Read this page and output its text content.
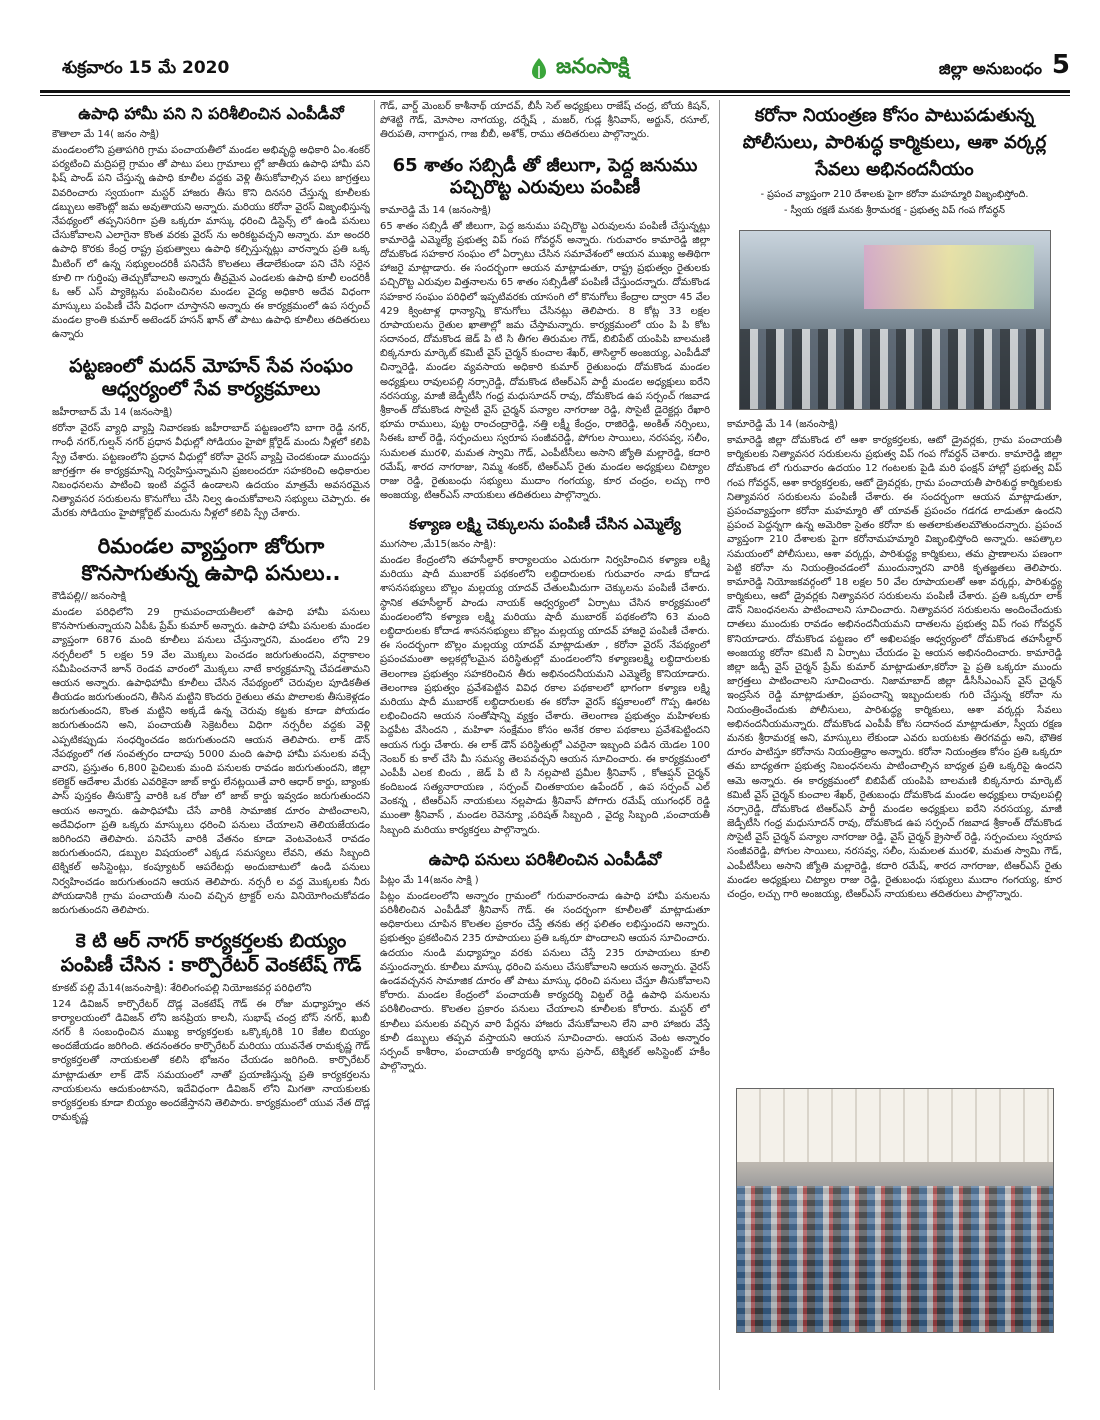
శుక్రవారం 15 మే 2020	జనంసాక్షి	జిల్లా అనుబంధం 5
ఉపాధి హామీ పని ని పరిశీలించిన ఎంపీడీవో
కౌతాలా మే 14( జనం సాక్షి)
మండలంలోని ప్రతాపగిరి గ్రామ పంచాయతీలో మండల అభివృద్ధి అధికారి ఏం.శంకర్ పర్యటించి మద్రిపల్లె గ్రామం తో పాటు పలు గ్రామాలు ల్లో జాతీయ ఉపాధి హామీ పని ఫిష్ పాండ్ పని చేస్తున్న ఉపాధి కూలీల వద్దకు వెళ్లి తీసుకోవాల్సిన పలు జాగ్రత్తలు వివరించారు స్వయంగా మస్టర్ హాజరు తీసు కొని దినసరి చేస్తున్న కూలీలకు డబ్బులు అకౌంట్లో జమ అవుతాయని అన్నారు. మరియు కరోనా వైరస్ విజృంభిస్తున్న నేపథ్యంలో తప్పనిసరిగా ప్రతి ఒక్కరూ మాస్కు ధరించి డిస్టెన్స్ లో ఉండి పనులు చేసుకోవాలని ఎలాగైనా కొంత వరకు వైరస్ ను అరికట్టవచ్చని అన్నారు. మా అందరి ఉపాధి కొరకు కేంద్ర రాష్ట్ర ప్రభుత్వాలు ఉపాధి కల్పిస్తున్నట్లు వారన్నారు ప్రతి ఒక్క మీటింగ్ లో ఉన్న సభ్యులందరికీ పనిచేసే కొలతలు తేడాలేకుండా పని చేసి సరైన కూలి గా గుర్తింపు తెచ్చుకోవాలని అన్నారు తీవ్రమైన ఎండలకు ఉపాధి కూలీ లందరికీ ఓ ఆర్ ఎస్ ప్యాకెట్లను పంపించినల మండల వైద్య అధికారి అదేవ విధంగా మాస్కులు పంపిణీ చేసే విధంగా చూస్తానని అన్నారు ఈ కార్యక్రమంలో ఉప సర్పంచ్ మండల క్రాంతి కుమార్ అటెండర్ హసన్ ఖాన్ తో పాటు ఉపాధి కూలీలు తదితరులు ఉన్నారు
పట్టణంలో మదన్ మోహన్ సేవ సంఘం ఆధ్వర్యంలో సేవ కార్యక్రమాలు
జహీరాబాద్ మే 14 (జనంసాక్షి)
కరోనా వైరస్ వ్యాధి వ్యాప్తి నివారణకు జహీరాబాద్ పట్టణంలోని బాగా రెడ్డి నగర్, గాంధీ నగర్,గుల్షన్ నగర్ ప్రధాన వీధుల్లో సోడియం హైపో క్లోరైడ్ మందు నీళ్లలో కలిపి స్ప్రే చేశారు. పట్టణంలోని ప్రధాన వీధుల్లో కరోనా వైరస్ వ్యాప్తి చెందకుండా ముందస్తు జాగ్రత్తగా ఈ కార్యక్రమాన్ని నిర్వహిస్తున్నామని ప్రజలందరూ సహకరించి అధికారుల నిబంధనలను పాటించి ఇంటి వద్దనే ఉండాలని ఉదయం మాత్రమే అవసరమైన నిత్యావసర సరుకులను కొనుగోలు చేసి నిల్వ ఉంచుకోవాలని సభ్యులు చెప్పారు. ఈ మేరకు సోడియం హైపోక్లోరైట్ మందును నీళ్లలో కలిపి స్ప్రే చేశారు.
రిమండల వ్యాప్తంగా జోరుగా కొనసాగుతున్న ఉపాధి పనులు..
కౌడిపల్లి// జనంసాక్షి
మండల పరిధిలోని 29 గ్రామపంచాయతీలలో ఉపాధి హామీ పనులు కొనసాగుతున్నాయని ఏపీఓ ప్రేమ్ కుమార్ అన్నారు. ఉపాధి హామీ పనులకు మండల వ్యాప్తంగా 6876 మంది కూలీలు పనులు చేస్తున్నారని, మండలం లోని 29 నర్సరీలలో 5 లక్షల 59 వేల మొక్కలు పెంచడం జరుగుతుందని, వర్షాకాలం సమీపించనానే జూన్ రెండవ వారంలో మొక్కలు నాటే కార్యక్రమాన్ని చేపడతామని ఆయన అన్నారు. ఉపాధిహామీ కూలీలు చేసిన నేపథ్యంలో చెరువుల పూడికతీత తీయడం జరుగుతుందని, తీసిన మట్టిని కొందరు రైతులు తమ పొలాలకు తీసుకెళ్లడం జరుగుతుందని, కొంత మట్టిని అక్కడే ఉన్న చెరువు కట్టకు కూడా పోయడం జరుగుతుందని అని, పంచాయతీ సెక్రెటరీలు విధిగా నర్సరీల వద్దకు వెళ్లి ఎప్పటికప్పుడు సంధర్శించడం జరుగుతుందని ఆయన తెలిపారు. లాక్ డౌన్ నేపథ్యంలో గత సంవత్సరం దాదాపు 5000 మంది ఉపాధి హామీ పనులకు వచ్చే వారని, ప్రస్తుతం 6,800 పైచిలుకు మంది పనులకు రావడం జరుగుతుందని, జిల్లా కలెక్టర్ ఆదేశాల మేరకు ఎవరికైనా జాబ్ కార్డు లేనట్లయితే వారి ఆధార్ కార్డు, బ్యాంకు పాస్ పుస్తకం తీసుకొస్తే వారికి ఒక రోజు లో జాబ్ కార్డు ఇవ్వడం జరుగుతుందని ఆయన అన్నారు. ఉపాధిహామీ చేసే వారికి సామాజిక దూరం పాటించాలని, అదేవిధంగా ప్రతి ఒక్కరు మాస్కులు ధరించి పనులు చేయాలని తెలియజేయడం జరిగిందని తెలిపారు. పనిచేసే వారికి వేతనం కూడా వెంటవెంటనే రావడం జరుగుతుందని, డబ్బుల విషయంలో ఎక్కడ సమస్యలు లేవని, తమ సిబ్బంది టెక్నికల్ అసిస్టెంట్లు, కంప్యూటర్ ఆపరేటర్లు అందుబాటులో ఉండి పనులు నిర్వహించడం జరుగుతుందని ఆయన తెలిపారు. నర్సరీ ల వద్ద మొక్కలకు నీరు పోయడానికి గ్రామ పంచాయతీ నుంచి వచ్చిన ట్రాక్టర్ లను వినియోగించుకోవడం జరుగుతుందని తెలిపారు.
కె టి ఆర్ నాగర్ కార్యకర్తలకు బియ్యం పంపిణీ చేసిన : కార్పొరేటర్ వెంకటేష్ గౌడ్
కూకట్ పల్లి మే14(జనంసాక్షి): శేరిలింగంపల్లి నియోజకవర్గ పరిధిలోని
124 డివిజన్ కార్పొరేటర్ దొడ్ల వెంకటేష్ గౌడ్ ఈ రోజు మధ్యాహ్నం తన కార్యాలయంలో డివిజన్ లోని జనప్రియ కాలనీ, సుభాష్ చంద్ర బోస్ నగర్, ఖుబీ నగర్ కి సంబంధించిన ముఖ్య కార్యకర్తలకు ఒక్కొక్కరికి 10 కేజీల బియ్యం అందజేయడం జరిగింది. తదనంతరం కార్పొరేటర్ మరియు యువనేత రామకృష్ణ గౌడ్ కార్యకర్తలతో నాయకులతో కలిసి భోజనం చేయడం జరిగింది. కార్పొరేటర్ మాట్లాడుతూ లాక్ డౌన్ సమయంలో నాతో ప్రయాణిస్తున్న ప్రతి కార్యకర్తలను నాయకులను ఆదుకుంటానని, ఇదేవిధంగా డివిజన్ లోని మిగతా నాయకులకు కార్యకర్తలకు కూడా బియ్యం అందజేస్తానని తెలిపారు. కార్యక్రమంలో యువ నేత దొడ్ల రామకృష్ణ
గౌడ్, వార్డ్ మెంబర్ కాశీనాథ్ యాదవ్, బీసీ సెల్ అధ్యక్షులు రాజేష్ చంద్ర, బోయ కిషన్, పోశెట్టి గౌడ్, మోసాల నాగయ్య, దర్నేష్ , మజర్, గుడ్ల శ్రీనివాస్, అర్జున్, రసూల్, తిరుపతి, నాగార్జున, గాజ బీబీ, అశోక్, రాము తదితరులు పాల్గొన్నారు.
65 శాతం సబ్సిడీ తో జీలుగా, పెద్ద జనుము పచ్చిరొట్ట ఎరువులు పంపిణీ
కామారెడ్డి మే 14 (జనంసాక్షి)
65 శాతం సబ్సిడీ తో జీలుగా, పెద్ద జనుము పచ్చిరొట్ట ఎరువులను పంపిణీ చేస్తున్నట్లు కామారెడ్డి ఎమ్మెల్యే ప్రభుత్వ విప్ గంప గోవర్ధన్ అన్నారు. గురువారం కామారెడ్డి జిల్లా దోమకొండ సహకార సంఘం లో ఏర్పాటు చేసిన సమావేశంలో ఆయన ముఖ్య అతిథిగా హాజరై మాట్లాడారు. ఈ సందర్భంగా ఆయన మాట్లాడుతూ, రాష్ట్ర ప్రభుత్వం రైతులకు పచ్చిరొట్ట ఎరువుల విత్తనాలను 65 శాతం సబ్సిడీతో పంపిణీ చేస్తుందన్నారు. దోమకొండ సహకార సంఘం పరిధిలో ఇప్పటివరకు యాసంగి లో కొనుగోలు కేంద్రాల ద్వారా 45 వేల 429 క్వింటాళ్ల ధాన్యాన్ని కొనుగోలు చేసినట్లు తెలిపారు. 8 కోట్ల 33 లక్షల రూపాయలను రైతుల ఖాతాల్లో జమ చేస్తామన్నారు. కార్యక్రమంలో యం పి పి కోట సదానంద, దోమకొండ జెడ్ పి టి సి తీగల తిరుమల గౌడ్, బిబిపేట్ యంపిపి బాలమణి బిక్కనూరు మార్కెట్ కమిటీ వైస్ చైర్మన్ కుంచాల శేఖర్, తాసిల్దార్ అంజయ్య, ఎంపీడీవో చిన్నారెడ్డి, మండల వ్యవసాయ అధికారి కుమార్ రైతుబంధు దోమకొండ మండల అధ్యక్షులు రావులపల్లి నర్సారెడ్డి, దోమకొండ టిఆర్ఎస్ పార్టీ మండల అధ్యక్షులు ఐరేని నరసయ్య, మాజీ జెడ్పీటీసి గంధ్ర మధుసూదన్ రావు, దోమకొండ ఉప సర్పంచ్ గజవాడ శ్రీకాంత్ దోమకొండ సొసైటీ వైస్ చైర్మన్ పన్యాల నాగరాజు రెడ్డి, సొసైటీ డైరెక్టర్లు రేఖారి భూమ రాములు, పుట్ట రాంచంద్రారెడ్డి, నత్తి లక్ష్మీ కేంద్రం, రాజిరెడ్డి, అంకిత్ నర్సింలు, సిఈఓ బాల్ రెడ్డి, సర్పంచులు స్వరూప సంజీవరెడ్డి, పోగుల సాయిలు, నరసవ్వ, సలీం, సుమలత మురళి, మమత స్వామి గౌడ్, ఎంపీటీసీలు అసాని జ్యోతి మల్లారెడ్డి, కదారి రమేష్, శారద నాగరాజు, నిమ్మ శంకర్, టిఆర్ఎస్ రైతు మండల అధ్యక్షులు చిట్యాల రాజు రెడ్డి, రైతుబంధు సభ్యులు ముదాం గంగయ్య, కూర చంద్రం, లచ్చు గారి అంజయ్య, టిఆర్ఎస్ నాయకులు తదితరులు పాల్గొన్నారు.
కళ్యాణ లక్ష్మి చెక్కులను పంపిణీ చేసిన ఎమ్మెల్యే
ముగసాల ,మే15(జనం సాక్షి):
మండల కేంద్రంలోని తహసీల్దార్ కార్యాలయం ఎదురుగా నిర్వహించిన కళ్యాణ లక్ష్మి మరియు షాదీ ముబారక్ పథకంలోని లబ్ధిదారులకు గురువారం నాడు కోదాడ శాసనసభ్యులు బొల్లం మల్లయ్య యాదవ్ చేతులమీదుగా చెక్కులను పంపిణీ చేశారు. స్థానిక తహసీల్దార్ పాండు నాయక్ ఆధ్వర్యంలో ఏర్పాటు చేసిన కార్యక్రమంలో మండలంలోని కళ్యాణ లక్ష్మి మరియు షాదీ ముబారక్ పథకంలోని 63 మంది లబ్ధిదారులకు కోదాడ శాసనసభ్యులు బొల్లం మల్లయ్య యాదవ్ హాజరై పంపిణీ చేశారు. ఈ సందర్భంగా బొల్లం మల్లయ్య యాదవ్ మాట్లాడుతూ , కరోనా వైరస్ నేపథ్యంలో ప్రపంచమంతా అల్లకల్లోలమైన పరిస్థితుల్లో మండలంలోని కళ్యాణలక్ష్మి లబ్ధిదారులకు తెలంగాణ ప్రభుత్వం సహకరించిన తీరు అభినందనీయమని ఎమ్మెల్యే కొనియాడారు. తెలంగాణ ప్రభుత్వం ప్రవేశపెట్టిన వివిధ రకాల పథకాలలో భాగంగా కళ్యాణ లక్ష్మి మరియు షాదీ ముబారక్ లబ్ధిదారులకు ఈ కరోనా వైరస్ కష్టకాలంలో గొప్ప ఊరట లభించిందని ఆయన సంతోషాన్ని వ్యక్తం చేశారు. తెలంగాణ ప్రభుత్వం మహిళలకు పెద్దపీట వేసిందని , మహిళా సంక్షేమం కోసం అనేక రకాల పథకాలు ప్రవేశపెట్టిందని ఆయన గుర్తు చేశారు. ఈ లాక్ డౌన్ పరిస్థితుల్లో ఎవరైనా ఇబ్బంది పడిన యెడల 100 నెంబర్ కు కాల్ చేసి మీ సమస్య తెలపవచ్చని ఆయన సూచించారు. ఈ కార్యక్రమంలో ఎంపీపీ ఎలక బిందు , జెడ్ పి టి సి నల్లపాటి ప్రమీల శ్రీనివాస్ , కోఆప్షన్ చైర్మన్ కందిబండ సత్యనారాయణ , సర్పంచ్ చింతకాయల ఉపేందర్ , ఉప సర్పంచ్ ఎల్ వెంకన్న , టిఆర్ఎస్ నాయకులు నల్లపాడు శ్రీనివాస్ పోగారు రమేష్ యుగంధర్ రెడ్డి ముంతా శ్రీనివాస్ , మండల రెవెన్యూ ,పరిషత్ సిబ్బంది , వైద్య సిబ్బంది ,పంచాయతీ సిబ్బంది మరియు కార్యకర్తలు పాల్గొన్నారు.
ఉపాధి పనులు పరిశీలించిన ఎంపీడీవో
పిట్లం మే 14(జనం సాక్షి )
పిట్లం మండలంలోని అన్నారం గ్రామంలో గురువారంనాడు ఉపాధి హామీ పనులను పరిశీలించిన ఎంపీడీవో శ్రీనివాస్ గౌడ్. ఈ సందర్భంగా కూలీలతో మాట్లాడుతూ అధికారులు చూపిన కొలతల ప్రకారం చేస్తే తనకు తగ్గ ఫలితం లభిస్తుందని అన్నారు. ప్రభుత్వం ప్రకటించిన 235 రూపాయలు ప్రతి ఒక్కరూ పొందాలని ఆయన సూచించారు. ఉదయం నుండి మధ్యాహ్నం వరకు పనులు చేస్తే 235 రూపాయలు కూలి వస్తుందన్నారు. కూలీలు మాస్కు ధరించి పనులు చేసుకోవాలని ఆయన అన్నారు. వైరస్ ఉండవచ్చనన సామాజిక దూరం తో పాటు మాస్కు ధరించి పనులు చేస్తూ తీసుకోవాలని కోరారు. మండల కేంద్రంలో పంచాయతీ కార్యదర్శి విట్టల్ రెడ్డి ఉపాధి పనులను పరిశీలించారు. కొలతల ప్రకారం పనులు చేయాలని కూలీలకు కోరారు. మస్టర్ లో కూలీలు పనులకు వచ్చిన వారి పేర్లను హాజరు వేసుకోవాలని లేని వారి హాజరు వేస్తే కూలీ డబ్బులు తప్పవ వస్తాయని ఆయన సూచించారు. ఆయన వెంట అన్నారం సర్పంచ్ కాశీరాం, పంచాయతీ కార్యదర్శి భాను ప్రసాద్, టెక్నికల్ అసిస్టెంట్ హకీం పాల్గొన్నారు.
కరోనా నియంత్రణ కోసం పాటుపడుతున్న పోలీసులు, పారిశుద్ధ కార్మికులు, ఆశా వర్కర్ల సేవలు అభినందనీయం
- ప్రపంచ వ్యాప్తంగా 210 దేశాలకు పైగా కరోనా మహమ్మారి విజృంభిస్తోంది.
- స్వీయ రక్షణే మనకు శ్రీరామరక్ష - ప్రభుత్వ విప్ గంప గోవర్ధన్
కామారెడ్డి మే 14 (జనంసాక్షి)
కామారెడ్డి జిల్లా దోమకొండ లో ఆశా కార్యకర్తలకు, ఆటో డ్రైవర్లకు, గ్రామ పంచాయతీ కార్మికులకు నిత్యావసర సరుకులను ప్రభుత్వ విప్ గంప గోవర్ధన్ చెశారు. కామారెడ్డి జిల్లా దోమకొండ లో గురువారం ఉదయం 12 గంటలకు పైడి మరి ఫంక్షన్ హాల్లో ప్రభుత్వ విప్ గంప గోవర్ధన్, ఆశా కార్యకర్తలకు, ఆటో డ్రైవర్లకు, గ్రామ పంచాయతీ పారిశుద్ధ కార్మికులకు నిత్యావసర సరుకులను పంపిణీ చేశారు. ఈ సందర్భంగా ఆయన మాట్లాడుతూ, ప్రపంచవ్యాప్తంగా కరోనా మహమ్మారి తో యావత్ ప్రపంచం గడగడ లాడుతూ ఉందని ప్రపంచ పెద్దన్నగా ఉన్న అమెరికా సైతం కరోనా కు అతలాకుతలమౌతుందన్నారు. ప్రపంచ వ్యాప్తంగా 210 దేశాలకు పైగా కరోనామహమ్మారి విజృంభిస్తోంది అన్నారు. ఆపత్కాల సమయంలో పోలీసులు, ఆశా వర్కర్లు, పారిశుద్ధ్య కార్మికులు, తమ ప్రాణాలను పణంగా పెట్టి కరోనా ను నియంత్రించడంలో ముందున్నారని వారికి కృతజ్ఞతలు తెలిపారు. కామారెడ్డి నియోజకవర్గంలో 18 లక్షల 50 వేల రూపాయలతో ఆశా వర్కర్లు, పారిశుద్ధ్య కార్మికులు, ఆటో డ్రైవర్లకు నిత్యావసర సరుకులను పంపిణీ చేశారు. ప్రతి ఒక్కరూ లాక్ డౌన్ నిబంధనలను పాటించాలని సూచించారు. నిత్యావసర సరుకులను అందించేందుకు దాతలు ముందుకు రావడం అభినందనీయమని దాతలను ప్రభుత్వ విప్ గంప గోవర్ధన్ కొనియాడారు. దోమకొండ పట్టణం లో అఖిలపక్షం ఆధ్వర్యంలో దోమకొండ తహసీల్దార్ అంజయ్య కరోనా కమిటీ ని ఏర్పాటు చేయడం పై ఆయన అభినందించారు. కామారెడ్డి జిల్లా జడ్పీ వైస్ చైర్మన్ ప్రేమ్ కుమార్ మాట్లాడుతూ,కరోనా పై ప్రతి ఒక్కరూ ముందు జాగ్రత్తలు పాటించాలని సూచించారు. నిజామాబాద్ జిల్లా డీసీసీఎంఎస్ వైస్ చైర్మన్ ఇంద్రసేన రెడ్డి మాట్లాడుతూ, ప్రపంచాన్ని ఇబ్బందులకు గురి చేస్తున్న కరోనా ను నియంత్రించేందుకు పోలీసులు, పారిశుద్ధ్య కార్మికులు, ఆశా వర్కర్లు సేవలు అభినందనీయమన్నారు. దోమకొండ ఎంపీపీ కోట సదానంద మాట్లాడుతూ, స్వీయ రక్షణ మనకు శ్రీరామరక్ష అని, మాస్కులు లేకుండా ఎవరు బయటకు తిరగవద్దు అని, భౌతిక దూరం పాటిస్తూ కరోనాను నియంత్రిద్దాం అన్నారు. కరోనా నియంత్రణ కోసం ప్రతి ఒక్కరూ తమ బాధ్యతగా ప్రభుత్వ నిబంధనలను పాటించాల్సిన బాధ్యత ప్రతి ఒక్కరిపై ఉందని ఆమె అన్నారు. ఈ కార్యక్రమంలో బిబిపేట్ యంపిపి బాలమణి బిక్కనూరు మార్కెట్ కమిటీ వైస్ చైర్మన్ కుంచాల శేఖర్, రైతుబంధు దోమకొండ మండల అధ్యక్షులు రావులపల్లి నర్సారెడ్డి, దోమకొండ టిఆర్ఎస్ పార్టీ మండల అధ్యక్షులు ఐరేని నరసయ్య, మాజీ జెడ్పీటీసి గంధ్ర మధుసూదన్ రావు, దోమకొండ ఉప సర్పంచ్ గజవాడ శ్రీకాంత్ దోమకొండ సొసైటీ వైస్ చైర్మన్ పన్యాల నాగరాజు రెడ్డి, వైస్ చైర్మన్ క్రైసాల్ రెడ్డి, సర్పంచులు స్వరూప సంజీవరెడ్డి, పోగుల సాయిలు, నరసవ్వ, సలీం, సుమలత మురళి, మమత స్వామి గౌడ్, ఎంపీటీసీలు అసాని జ్యోతి మల్లారెడ్డి, కదారి రమేష్, శారద నాగరాజు, టిఆర్ఎస్ రైతు మండల అధ్యక్షులు చిట్యాల రాజు రెడ్డి, రైతుబంధు సభ్యులు ముదాం గంగయ్య, కూర చంద్రం, లచ్చు గారి అంజయ్య, టిఆర్ఎస్ నాయకులు తదితరులు పాల్గొన్నారు.
